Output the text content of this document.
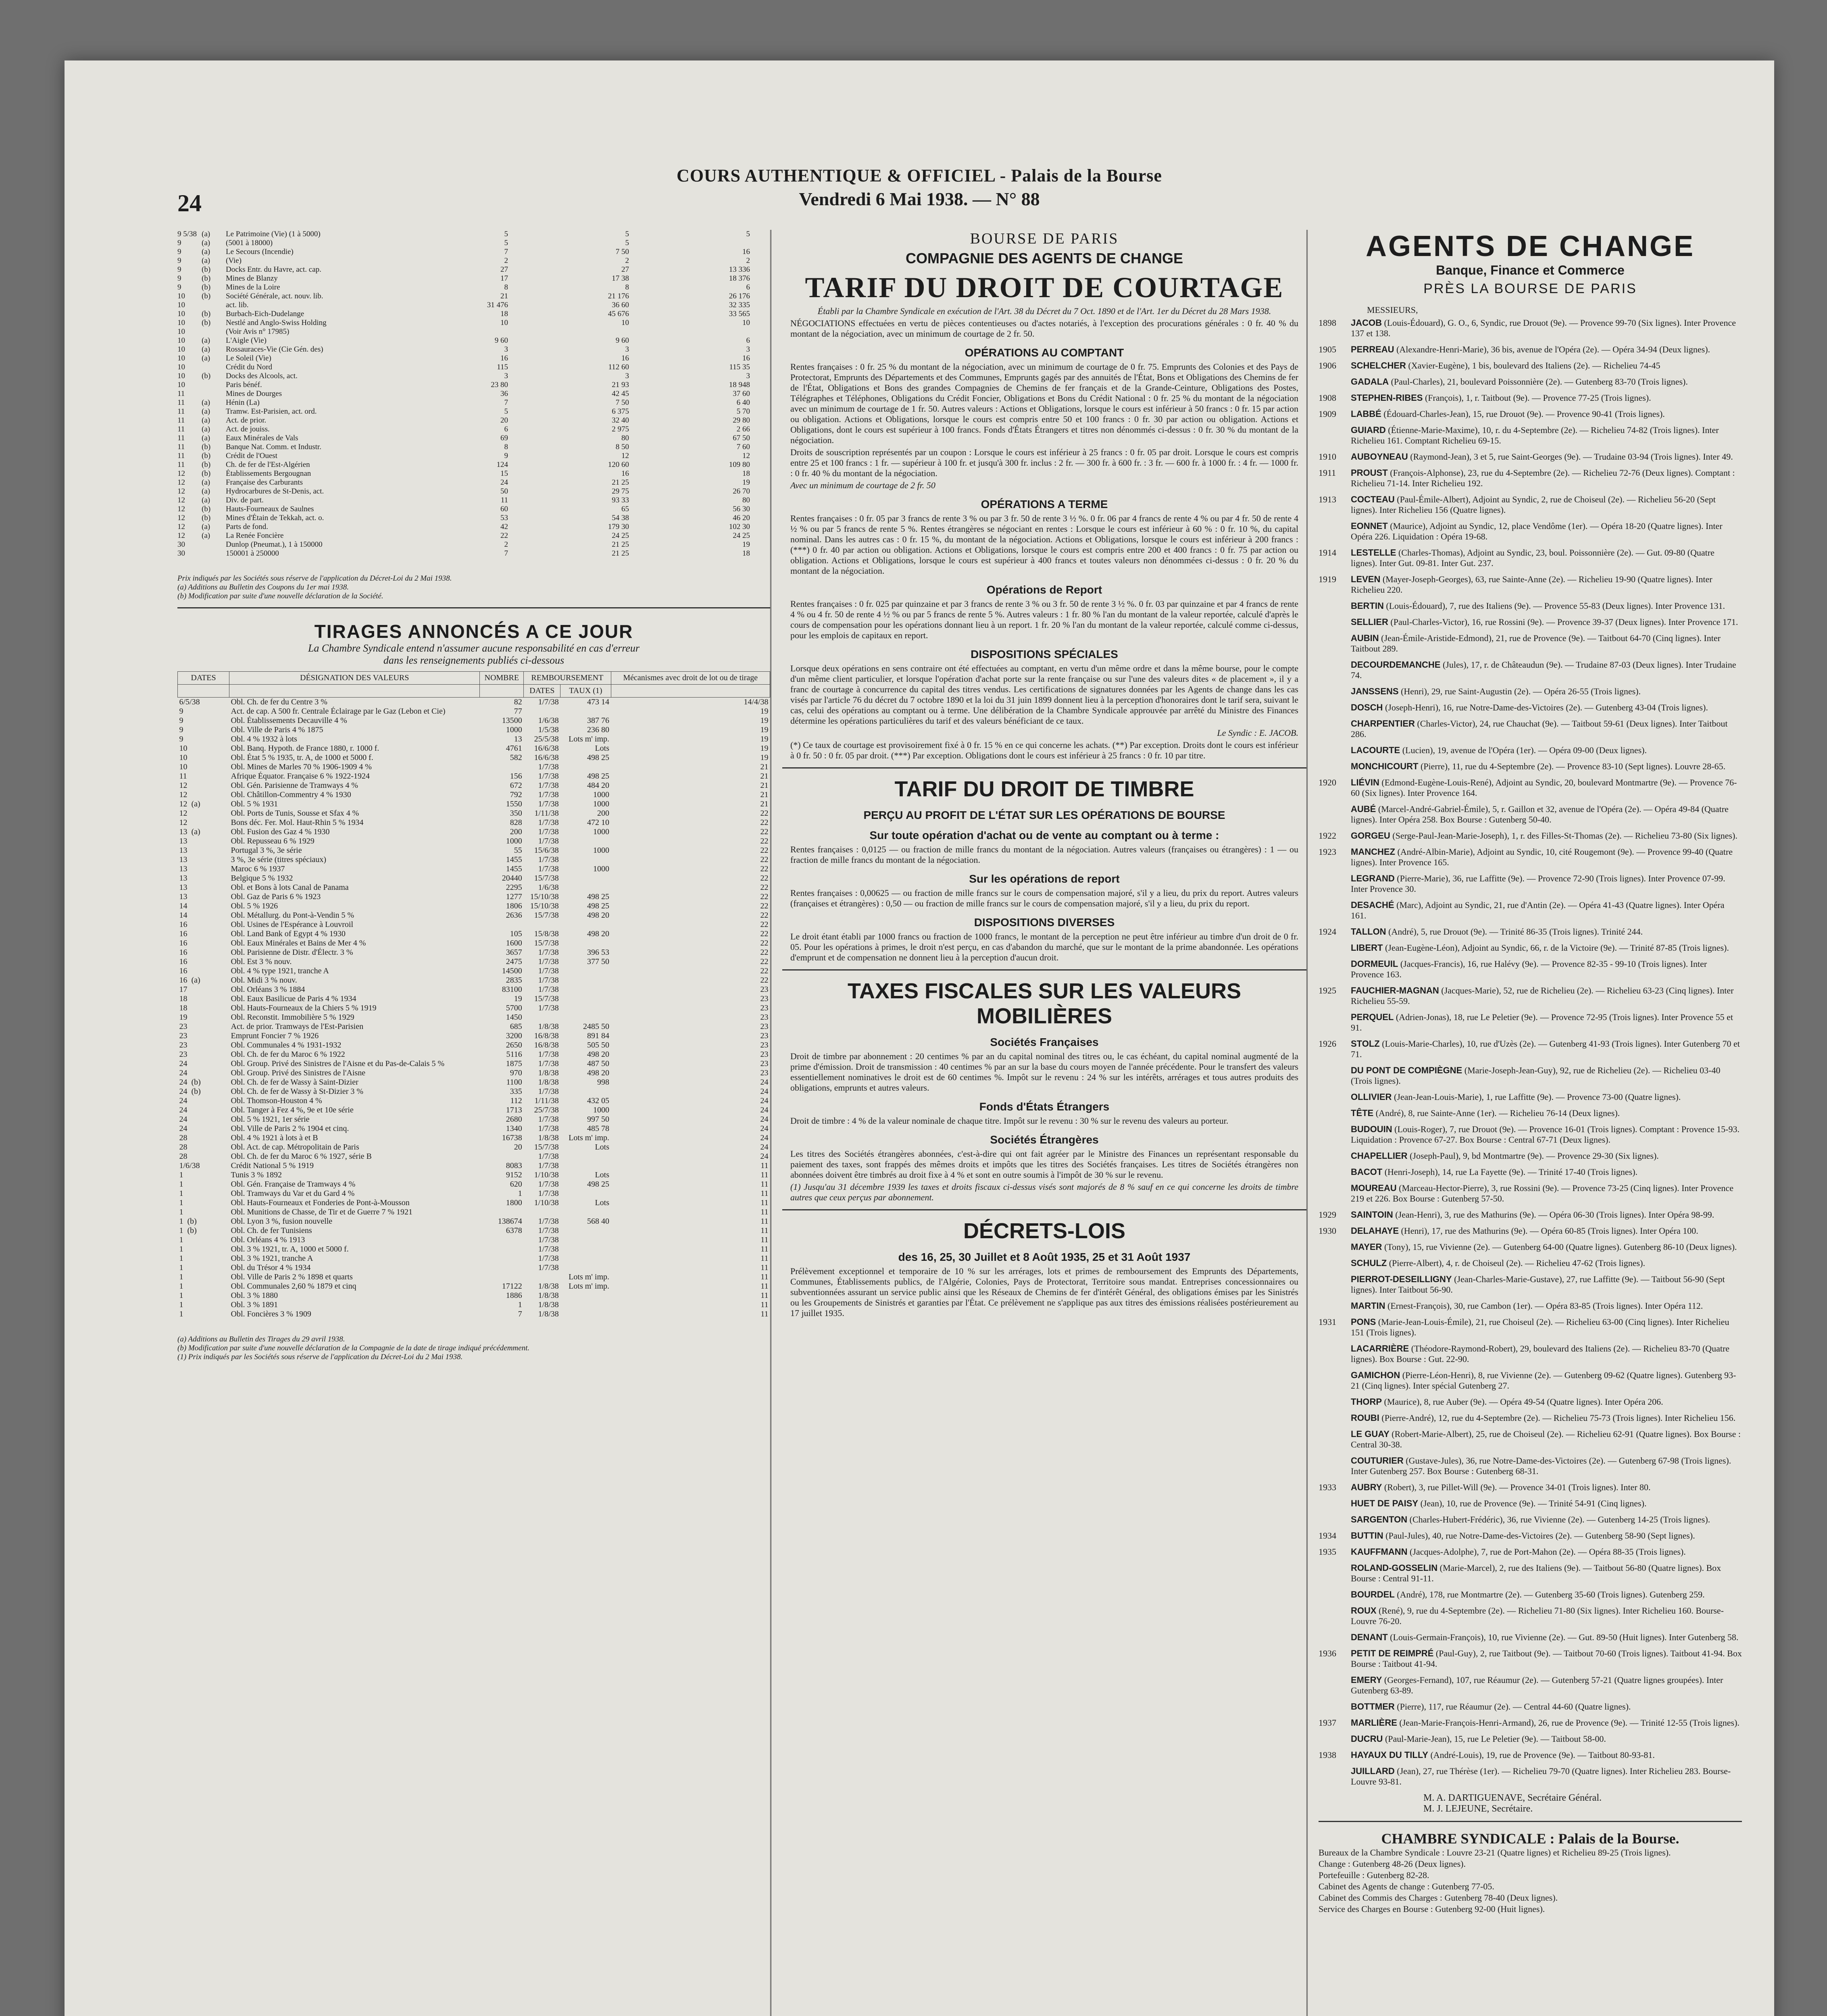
24
COURS AUTHENTIQUE & OFFICIEL - Palais de la Bourse
Vendredi 6 Mai 1938. — N° 88
9 5/38 (a)	Le Patrimoine (Vie) (1 à 5000)	5	5	5
9	(a)	(5001 à 18000)	5	5
9	(a)	Le Secours (Incendie)	7	7 50	16
9	(a)	(Vie)	2	2	2
9	(b)	Docks Entr. du Havre, act. cap.	27	27	13 336
9	(b)	Mines de Blanzy	17	17 38	18 376
9	(b)	Mines de la Loire	8	8	6
10	(b)	Société Générale, act. nouv. lib.	21	21 176	26 176
10	act. lib.	31 476	36 60	32 335
10	(b)	Burbach-Eich-Dudelange	18	45 676	33 565
10	(b)	Nestlé and Anglo-Swiss Holding	10	10	10
10	(Voir Avis n° 17985)
10	(a)	L'Aigle (Vie)	9 60	9 60	6
10	(a)	Rossauraces-Vie (Cie Gén. des)	3	3	3
10	(a)	Le Soleil (Vie)	16	16	16
10	Crédit du Nord	115	112 60	115 35
10	(b)	Docks des Alcools, act.	3	3	3
10	Paris bénéf.	23 80	21 93	18 948
11	Mines de Dourges	36	42 45	37 60
11	(a)	Hénin (La)	7	7 50	6 40
11	(a)	Tramw. Est-Parisien, act. ord.	5	6 375	5 70
11	(a)	Act. de prior.	20	32 40	29 80
11	(a)	Act. de jouiss.	6	2 975	2 66
11	(a)	Eaux Minérales de Vals	69	80	67 50
11	(b)	Banque Nat. Comm. et Industr.	8	8 50	7 60
11	(b)	Crédit de l'Ouest	9	12	12
11	(b)	Ch. de fer de l'Est-Algérien	124	120 60	109 80
12	(b)	Établissements Bergougnan	15	16	18
12	(a)	Française des Carburants	24	21 25	19
12	(a)	Hydrocarbures de St-Denis, act.	50	29 75	26 70
12	(a)	Div. de part.	11	93 33	80
12	(b)	Hauts-Fourneaux de Saulnes	60	65	56 30
12	(b)	Mines d'Étain de Tekkah, act. o.	53	54 38	46 20
12	(a)	Parts de fond.	42	179 30	102 30
12	(a)	La Renée Foncière	22	24 25	24 25
30	Dunlop (Pneumat.), 1 à 150000	2	21 25	19
30	150001 à 250000	7	21 25	18
Prix indiqués par les Sociétés sous réserve de l'application du Décret-Loi du 2 Mai 1938.
(a) Additions au Bulletin des Coupons du 1er mai 1938.
(b) Modification par suite d'une nouvelle déclaration de la Société.
TIRAGES ANNONCÉS A CE JOUR
La Chambre Syndicale entend n'assumer aucune responsabilité en cas d'erreur
dans les renseignements publiés ci-dessous
DATES	DÉSIGNATION DES VALEURS	NOMBRE	REMBOURSEMENT		Mécanismes avec droit de lot ou de tirage
			DATES	TAUX (1)	
6/5/38	Obl. Ch. de fer du Centre 3 %	82	1/7/38	473 14	14/4/38
9	Act. de cap. A 500 fr. Centrale Éclairage par le Gaz (Lebon et Cie)	77			19
9	Obl. Établissements Decauville 4 %	13500	1/6/38	387 76	19
9	Obl. Ville de Paris 4 % 1875	1000	1/5/38	236 80	19
9	Obl. 4 % 1932 à lots	13	25/5/38	Lots m' imp.	19
10	Obl. Banq. Hypoth. de France 1880, r. 1000 f.	4761	16/6/38	Lots	19
10	Obl. État 5 % 1935, tr. A, de 1000 et 5000 f.	582	16/6/38	498 25	19
10	Obl. Mines de Marles 70 % 1906-1909 4 %		1/7/38		21
11	Afrique Équator. Française 6 % 1922-1924	156	1/7/38	498 25	21
12	Obl. Gén. Parisienne de Tramways 4 %	672	1/7/38	484 20	21
12	Obl. Châtillon-Commentry 4 % 1930	792	1/7/38	1000	21
12 (a)	Obl. 5 % 1931	1550	1/7/38	1000	21
12	Obl. Ports de Tunis, Sousse et Sfax 4 %	350	1/11/38	200	22
12	Bons déc. Fer. Mol. Haut-Rhin 5 % 1934	828	1/7/38	472 10	22
13 (a)	Obl. Fusion des Gaz 4 % 1930	200	1/7/38	1000	22
13	Obl. Repusseau 6 % 1929	1000	1/7/38		22
13	Portugal 3 %, 3e série	55	15/6/38	1000	22
13	3 %, 3e série (titres spéciaux)	1455	1/7/38		22
13	Maroc 6 % 1937	1455	1/7/38	1000	22
13	Belgique 5 % 1932	20440	15/7/38		22
13	Obl. et Bons à lots Canal de Panama	2295	1/6/38		22
13	Obl. Gaz de Paris 6 % 1923	1277	15/10/38	498 25	22
14	Obl. 5 % 1926	1806	15/10/38	498 25	22
14	Obl. Métallurg. du Pont-à-Vendin 5 %	2636	15/7/38	498 20	22
16	Obl. Usines de l'Espérance à Louvroil				22
16	Obl. Land Bank of Egypt 4 % 1930	105	15/8/38	498 20	22
16	Obl. Eaux Minérales et Bains de Mer 4 %	1600	15/7/38		22
16	Obl. Parisienne de Distr. d'Électr. 3 %	3657	1/7/38	396 53	22
16	Obl. Est 3 % nouv.	2475	1/7/38	377 50	22
16	Obl. 4 % type 1921, tranche A	14500	1/7/38		22
16 (a)	Obl. Midi 3 % nouv.	2835	1/7/38		22
17	Obl. Orléans 3 % 1884	83100	1/7/38		23
18	Obl. Eaux Basilicue de Paris 4 % 1934	19	15/7/38		23
18	Obl. Hauts-Fourneaux de la Chiers 5 % 1919	5700	1/7/38		23
19	Obl. Reconstit. Immobilière 5 % 1929	1450			23
23	Act. de prior. Tramways de l'Est-Parisien	685	1/8/38	2485 50	23
23	Emprunt Foncier 7 % 1926	3200	16/8/38	891 84	23
23	Obl. Communales 4 % 1931-1932	2650	16/8/38	505 50	23
23	Obl. Ch. de fer du Maroc 6 % 1922	5116	1/7/38	498 20	23
24	Obl. Group. Privé des Sinistres de l'Aisne et du Pas-de-Calais 5 %	1875	1/7/38	487 50	23
24	Obl. Group. Privé des Sinistres de l'Aisne	970	1/8/38	498 20	23
24 (b)	Obl. Ch. de fer de Wassy à Saint-Dizier	1100	1/8/38	998	24
24 (b)	Obl. Ch. de fer de Wassy à St-Dizier 3 %	335	1/7/38		24
24	Obl. Thomson-Houston 4 %	112	1/11/38	432 05	24
24	Obl. Tanger à Fez 4 %, 9e et 10e série	1713	25/7/38	1000	24
24	Obl. 5 % 1921, 1er série	2680	1/7/38	997 50	24
24	Obl. Ville de Paris 2 % 1904 et cinq.	1340	1/7/38	485 78	24
28	Obl. 4 % 1921 à lots à et B	16738	1/8/38	Lots m' imp.	24
28	Obl. Act. de cap. Métropolitain de Paris	20	15/7/38	Lots	24
28	Obl. Ch. de fer du Maroc 6 % 1927, série B		1/7/38		24
1/6/38	Crédit National 5 % 1919	8083	1/7/38		11
1	Tunis 3 % 1892	9152	1/10/38	Lots	11
1	Obl. Gén. Française de Tramways 4 %	620	1/7/38	498 25	11
1	Obl. Tramways du Var et du Gard 4 %	1	1/7/38		11
1	Obl. Hauts-Fourneaux et Fonderies de Pont-à-Mousson	1800	1/10/38	Lots	11
1	Obl. Munitions de Chasse, de Tir et de Guerre 7 % 1921				11
1 (b)	Obl. Lyon 3 %, fusion nouvelle	138674	1/7/38	568 40	11
1 (b)	Obl. Ch. de fer Tunisiens	6378	1/7/38		11
1	Obl. Orléans 4 % 1913		1/7/38		11
1	Obl. 3 % 1921, tr. A, 1000 et 5000 f.		1/7/38		11
1	Obl. 3 % 1921, tranche A		1/7/38		11
1	Obl. du Trésor 4 % 1934		1/7/38		11
1	Obl. Ville de Paris 2 % 1898 et quarts			Lots m' imp.	11
1	Obl. Communales 2,60 % 1879 et cinq	17122	1/8/38	Lots m' imp.	11
1	Obl. 3 % 1880	1886	1/8/38		11
1	Obl. 3 % 1891	1	1/8/38		11
1	Obl. Foncières 3 % 1909	7	1/8/38		11
(a) Additions au Bulletin des Tirages du 29 avril 1938.
(b) Modification par suite d'une nouvelle déclaration de la Compagnie de la date de tirage indiqué précédemment.
(1) Prix indiqués par les Sociétés sous réserve de l'application du Décret-Loi du 2 Mai 1938.
BOURSE DE PARIS
COMPAGNIE DES AGENTS DE CHANGE
TARIF DU DROIT DE COURTAGE
Établi par la Chambre Syndicale en exécution de l'Art. 38 du Décret du 7 Oct. 1890 et de l'Art. 1er du Décret du 28 Mars 1938.
NÉGOCIATIONS effectuées en vertu de pièces contentieuses ou d'actes notariés, à l'exception des procurations générales : 0 fr. 40 % du montant de la négociation, avec un minimum de courtage de 2 fr. 50.
OPÉRATIONS AU COMPTANT
Rentes françaises : 0 fr. 25 % du montant de la négociation, avec un minimum de courtage de 0 fr. 75. Emprunts des Colonies et des Pays de Protectorat, Emprunts des Départements et des Communes, Emprunts gagés par des annuités de l'État, Bons et Obligations des Chemins de fer de l'État, Obligations et Bons des grandes Compagnies de Chemins de fer français et de la Grande-Ceinture, Obligations des Postes, Télégraphes et Téléphones, Obligations du Crédit Foncier, Obligations et Bons du Crédit National : 0 fr. 25 % du montant de la négociation avec un minimum de courtage de 1 fr. 50. Autres valeurs : Actions et Obligations, lorsque le cours est inférieur à 50 francs : 0 fr. 15 par action ou obligation. Actions et Obligations, lorsque le cours est compris entre 50 et 100 francs : 0 fr. 30 par action ou obligation. Actions et Obligations, dont le cours est supérieur à 100 francs. Fonds d'États Étrangers et titres non dénommés ci-dessus : 0 fr. 30 % du montant de la négociation.
Droits de souscription représentés par un coupon : Lorsque le cours est inférieur à 25 francs : 0 fr. 05 par droit. Lorsque le cours est compris entre 25 et 100 francs : 1 fr. — supérieur à 100 fr. et jusqu'à 300 fr. inclus : 2 fr. — 300 fr. à 600 fr. : 3 fr. — 600 fr. à 1000 fr. : 4 fr. — 1000 fr. : 0 fr. 40 % du montant de la négociation.
Avec un minimum de courtage de 2 fr. 50
OPÉRATIONS A TERME
Rentes françaises : 0 fr. 05 par 3 francs de rente 3 % ou par 3 fr. 50 de rente 3 ½ %. 0 fr. 06 par 4 francs de rente 4 % ou par 4 fr. 50 de rente 4 ½ % ou par 5 francs de rente 5 %. Rentes étrangères se négociant en rentes : Lorsque le cours est inférieur à 60 % : 0 fr. 10 %, du capital nominal. Dans les autres cas : 0 fr. 15 %, du montant de la négociation. Actions et Obligations, lorsque le cours est inférieur à 200 francs : (***) 0 fr. 40 par action ou obligation. Actions et Obligations, lorsque le cours est compris entre 200 et 400 francs : 0 fr. 75 par action ou obligation. Actions et Obligations, lorsque le cours est supérieur à 400 francs et toutes valeurs non dénommées ci-dessus : 0 fr. 20 % du montant de la négociation.
Opérations de Report
Rentes françaises : 0 fr. 025 par quinzaine et par 3 francs de rente 3 % ou 3 fr. 50 de rente 3 ½ %. 0 fr. 03 par quinzaine et par 4 francs de rente 4 % ou 4 fr. 50 de rente 4 ½ % ou par 5 francs de rente 5 %. Autres valeurs : 1 fr. 80 % l'an du montant de la valeur reportée, calculé d'après le cours de compensation pour les opérations donnant lieu à un report. 1 fr. 20 % l'an du montant de la valeur reportée, calculé comme ci-dessus, pour les emplois de capitaux en report.
DISPOSITIONS SPÉCIALES
Lorsque deux opérations en sens contraire ont été effectuées au comptant, en vertu d'un même ordre et dans la même bourse, pour le compte d'un même client particulier, et lorsque l'opération d'achat porte sur la rente française ou sur l'une des valeurs dites « de placement », il y a franc de courtage à concurrence du capital des titres vendus. Les certifications de signatures données par les Agents de change dans les cas visés par l'article 76 du décret du 7 octobre 1890 et la loi du 31 juin 1899 donnent lieu à la perception d'honoraires dont le tarif sera, suivant le cas, celui des opérations au comptant ou à terme. Une délibération de la Chambre Syndicale approuvée par arrêté du Ministre des Finances détermine les opérations particulières du tarif et des valeurs bénéficiant de ce taux.
Le Syndic : E. JACOB.
(*) Ce taux de courtage est provisoirement fixé à 0 fr. 15 % en ce qui concerne les achats. (**) Par exception. Droits dont le cours est inférieur à 0 fr. 50 : 0 fr. 05 par droit. (***) Par exception. Obligations dont le cours est inférieur à 25 francs : 0 fr. 10 par titre.
TARIF DU DROIT DE TIMBRE
PERÇU AU PROFIT DE L'ÉTAT SUR LES OPÉRATIONS DE BOURSE
Sur toute opération d'achat ou de vente au comptant ou à terme :
Rentes françaises : 0,0125 — ou fraction de mille francs du montant de la négociation. Autres valeurs (françaises ou étrangères) : 1 — ou fraction de mille francs du montant de la négociation.
Sur les opérations de report
Rentes françaises : 0,00625 — ou fraction de mille francs sur le cours de compensation majoré, s'il y a lieu, du prix du report. Autres valeurs (françaises et étrangères) : 0,50 — ou fraction de mille francs sur le cours de compensation majoré, s'il y a lieu, du prix du report.
DISPOSITIONS DIVERSES
Le droit étant établi par 1000 francs ou fraction de 1000 francs, le montant de la perception ne peut être inférieur au timbre d'un droit de 0 fr. 05. Pour les opérations à primes, le droit n'est perçu, en cas d'abandon du marché, que sur le montant de la prime abandonnée. Les opérations d'emprunt et de compensation ne donnent lieu à la perception d'aucun droit.
TAXES FISCALES SUR LES VALEURS MOBILIÈRES
Sociétés Françaises
Droit de timbre par abonnement : 20 centimes % par an du capital nominal des titres ou, le cas échéant, du capital nominal augmenté de la prime d'émission. Droit de transmission : 40 centimes % par an sur la base du cours moyen de l'année précédente. Pour le transfert des valeurs essentiellement nominatives le droit est de 60 centimes %. Impôt sur le revenu : 24 % sur les intérêts, arrérages et tous autres produits des obligations, emprunts et autres valeurs.
Fonds d'États Étrangers
Droit de timbre : 4 % de la valeur nominale de chaque titre. Impôt sur le revenu : 30 % sur le revenu des valeurs au porteur.
Sociétés Étrangères
Les titres des Sociétés étrangères abonnées, c'est-à-dire qui ont fait agréer par le Ministre des Finances un représentant responsable du paiement des taxes, sont frappés des mêmes droits et impôts que les titres des Sociétés françaises. Les titres de Sociétés étrangères non abonnées doivent être timbrés au droit fixe à 4 % et sont en outre soumis à l'impôt de 30 % sur le revenu.
(1) Jusqu'au 31 décembre 1939 les taxes et droits fiscaux ci-dessus visés sont majorés de 8 % sauf en ce qui concerne les droits de timbre autres que ceux perçus par abonnement.
DÉCRETS-LOIS
des 16, 25, 30 Juillet et 8 Août 1935, 25 et 31 Août 1937
Prélèvement exceptionnel et temporaire de 10 % sur les arrérages, lots et primes de remboursement des Emprunts des Départements, Communes, Établissements publics, de l'Algérie, Colonies, Pays de Protectorat, Territoire sous mandat. Entreprises concessionnaires ou subventionnées assurant un service public ainsi que les Réseaux de Chemins de fer d'intérêt Général, des obligations émises par les Sinistrés ou les Groupements de Sinistrés et garanties par l'État. Ce prélèvement ne s'applique pas aux titres des émissions réalisées postérieurement au 17 juillet 1935.
AGENTS DE CHANGE
Banque, Finance et Commerce
PRÈS LA BOURSE DE PARIS
MESSIEURS,
1898	JACOB (Louis-Édouard), G. O., 6, Syndic, rue Drouot (9e). — Provence 99-70 (Six lignes). Inter Provence 137 et 138.
1905	PERREAU (Alexandre-Henri-Marie), 36 bis, avenue de l'Opéra (2e). — Opéra 34-94 (Deux lignes).
1906	SCHELCHER (Xavier-Eugène), 1 bis, boulevard des Italiens (2e). — Richelieu 74-45
GADALA (Paul-Charles), 21, boulevard Poissonnière (2e). — Gutenberg 83-70 (Trois lignes).
1908	STEPHEN-RIBES (François), 1, r. Taitbout (9e). — Provence 77-25 (Trois lignes).
1909	LABBÉ (Édouard-Charles-Jean), 15, rue Drouot (9e). — Provence 90-41 (Trois lignes).
GUIARD (Étienne-Marie-Maxime), 10, r. du 4-Septembre (2e). — Richelieu 74-82 (Trois lignes). Inter Richelieu 161. Comptant Richelieu 69-15.
1910	AUBOYNEAU (Raymond-Jean), 3 et 5, rue Saint-Georges (9e). — Trudaine 03-94 (Trois lignes). Inter 49.
1911	PROUST (François-Alphonse), 23, rue du 4-Septembre (2e). — Richelieu 72-76 (Deux lignes). Comptant : Richelieu 71-14. Inter Richelieu 192.
1913	COCTEAU (Paul-Émile-Albert), Adjoint au Syndic, 2, rue de Choiseul (2e). — Richelieu 56-20 (Sept lignes). Inter Richelieu 156 (Quatre lignes).
EONNET (Maurice), Adjoint au Syndic, 12, place Vendôme (1er). — Opéra 18-20 (Quatre lignes). Inter Opéra 226. Liquidation : Opéra 19-68.
1914	LESTELLE (Charles-Thomas), Adjoint au Syndic, 23, boul. Poissonnière (2e). — Gut. 09-80 (Quatre lignes). Inter Gut. 09-81. Inter Gut. 237.
1919	LEVEN (Mayer-Joseph-Georges), 63, rue Sainte-Anne (2e). — Richelieu 19-90 (Quatre lignes). Inter Richelieu 220.
BERTIN (Louis-Édouard), 7, rue des Italiens (9e). — Provence 55-83 (Deux lignes). Inter Provence 131.
SELLIER (Paul-Charles-Victor), 16, rue Rossini (9e). — Provence 39-37 (Deux lignes). Inter Provence 171.
AUBIN (Jean-Émile-Aristide-Edmond), 21, rue de Provence (9e). — Taitbout 64-70 (Cinq lignes). Inter Taitbout 289.
DECOURDEMANCHE (Jules), 17, r. de Châteaudun (9e). — Trudaine 87-03 (Deux lignes). Inter Trudaine 74.
JANSSENS (Henri), 29, rue Saint-Augustin (2e). — Opéra 26-55 (Trois lignes).
DOSCH (Joseph-Henri), 16, rue Notre-Dame-des-Victoires (2e). — Gutenberg 43-04 (Trois lignes).
CHARPENTIER (Charles-Victor), 24, rue Chauchat (9e). — Taitbout 59-61 (Deux lignes). Inter Taitbout 286.
LACOURTE (Lucien), 19, avenue de l'Opéra (1er). — Opéra 09-00 (Deux lignes).
MONCHICOURT (Pierre), 11, rue du 4-Septembre (2e). — Provence 83-10 (Sept lignes). Louvre 28-65.
1920	LIÉVIN (Edmond-Eugène-Louis-René), Adjoint au Syndic, 20, boulevard Montmartre (9e). — Provence 76-60 (Six lignes). Inter Provence 164.
AUBÉ (Marcel-André-Gabriel-Émile), 5, r. Gaillon et 32, avenue de l'Opéra (2e). — Opéra 49-84 (Quatre lignes). Inter Opéra 258. Box Bourse : Gutenberg 50-40.
1922	GORGEU (Serge-Paul-Jean-Marie-Joseph), 1, r. des Filles-St-Thomas (2e). — Richelieu 73-80 (Six lignes).
1923	MANCHEZ (André-Albin-Marie), Adjoint au Syndic, 10, cité Rougemont (9e). — Provence 99-40 (Quatre lignes). Inter Provence 165.
LEGRAND (Pierre-Marie), 36, rue Laffitte (9e). — Provence 72-90 (Trois lignes). Inter Provence 07-99. Inter Provence 30.
DESACHÉ (Marc), Adjoint au Syndic, 21, rue d'Antin (2e). — Opéra 41-43 (Quatre lignes). Inter Opéra 161.
1924	TALLON (André), 5, rue Drouot (9e). — Trinité 86-35 (Trois lignes). Trinité 244.
LIBERT (Jean-Eugène-Léon), Adjoint au Syndic, 66, r. de la Victoire (9e). — Trinité 87-85 (Trois lignes).
DORMEUIL (Jacques-Francis), 16, rue Halévy (9e). — Provence 82-35 - 99-10 (Trois lignes). Inter Provence 163.
1925	FAUCHIER-MAGNAN (Jacques-Marie), 52, rue de Richelieu (2e). — Richelieu 63-23 (Cinq lignes). Inter Richelieu 55-59.
PERQUEL (Adrien-Jonas), 18, rue Le Peletier (9e). — Provence 72-95 (Trois lignes). Inter Provence 55 et 91.
1926	STOLZ (Louis-Marie-Charles), 10, rue d'Uzès (2e). — Gutenberg 41-93 (Trois lignes). Inter Gutenberg 70 et 71.
DU PONT DE COMPIÈGNE (Marie-Joseph-Jean-Guy), 92, rue de Richelieu (2e). — Richelieu 03-40 (Trois lignes).
OLLIVIER (Jean-Jean-Louis-Marie), 1, rue Laffitte (9e). — Provence 73-00 (Quatre lignes).
TÊTE (André), 8, rue Sainte-Anne (1er). — Richelieu 76-14 (Deux lignes).
BUDOUIN (Louis-Roger), 7, rue Drouot (9e). — Provence 16-01 (Trois lignes). Comptant : Provence 15-93. Liquidation : Provence 67-27. Box Bourse : Central 67-71 (Deux lignes).
CHAPELLIER (Joseph-Paul), 9, bd Montmartre (9e). — Provence 29-30 (Six lignes).
BACOT (Henri-Joseph), 14, rue La Fayette (9e). — Trinité 17-40 (Trois lignes).
MOUREAU (Marceau-Hector-Pierre), 3, rue Rossini (9e). — Provence 73-25 (Cinq lignes). Inter Provence 219 et 226. Box Bourse : Gutenberg 57-50.
1929	SAINTOIN (Jean-Henri), 3, rue des Mathurins (9e). — Opéra 06-30 (Trois lignes). Inter Opéra 98-99.
1930	DELAHAYE (Henri), 17, rue des Mathurins (9e). — Opéra 60-85 (Trois lignes). Inter Opéra 100.
MAYER (Tony), 15, rue Vivienne (2e). — Gutenberg 64-00 (Quatre lignes). Gutenberg 86-10 (Deux lignes).
SCHULZ (Pierre-Albert), 4, r. de Choiseul (2e). — Richelieu 47-62 (Trois lignes).
PIERROT-DESEILLIGNY (Jean-Charles-Marie-Gustave), 27, rue Laffitte (9e). — Taitbout 56-90 (Sept lignes). Inter Taitbout 56-90.
MARTIN (Ernest-François), 30, rue Cambon (1er). — Opéra 83-85 (Trois lignes). Inter Opéra 112.
1931	PONS (Marie-Jean-Louis-Émile), 21, rue Choiseul (2e). — Richelieu 63-00 (Cinq lignes). Inter Richelieu 151 (Trois lignes).
LACARRIÈRE (Théodore-Raymond-Robert), 29, boulevard des Italiens (2e). — Richelieu 83-70 (Quatre lignes). Box Bourse : Gut. 22-90.
GAMICHON (Pierre-Léon-Henri), 8, rue Vivienne (2e). — Gutenberg 09-62 (Quatre lignes). Gutenberg 93-21 (Cinq lignes). Inter spécial Gutenberg 27.
THORP (Maurice), 8, rue Auber (9e). — Opéra 49-54 (Quatre lignes). Inter Opéra 206.
ROUBI (Pierre-André), 12, rue du 4-Septembre (2e). — Richelieu 75-73 (Trois lignes). Inter Richelieu 156.
LE GUAY (Robert-Marie-Albert), 25, rue de Choiseul (2e). — Richelieu 62-91 (Quatre lignes). Box Bourse : Central 30-38.
COUTURIER (Gustave-Jules), 36, rue Notre-Dame-des-Victoires (2e). — Gutenberg 67-98 (Trois lignes). Inter Gutenberg 257. Box Bourse : Gutenberg 68-31.
1933	AUBRY (Robert), 3, rue Pillet-Will (9e). — Provence 34-01 (Trois lignes). Inter 80.
HUET DE PAISY (Jean), 10, rue de Provence (9e). — Trinité 54-91 (Cinq lignes).
SARGENTON (Charles-Hubert-Frédéric), 36, rue Vivienne (2e). — Gutenberg 14-25 (Trois lignes).
1934	BUTTIN (Paul-Jules), 40, rue Notre-Dame-des-Victoires (2e). — Gutenberg 58-90 (Sept lignes).
1935	KAUFFMANN (Jacques-Adolphe), 7, rue de Port-Mahon (2e). — Opéra 88-35 (Trois lignes).
ROLAND-GOSSELIN (Marie-Marcel), 2, rue des Italiens (9e). — Taitbout 56-80 (Quatre lignes). Box Bourse : Central 91-11.
BOURDEL (André), 178, rue Montmartre (2e). — Gutenberg 35-60 (Trois lignes). Gutenberg 259.
ROUX (René), 9, rue du 4-Septembre (2e). — Richelieu 71-80 (Six lignes). Inter Richelieu 160. Bourse-Louvre 76-20.
DENANT (Louis-Germain-François), 10, rue Vivienne (2e). — Gut. 89-50 (Huit lignes). Inter Gutenberg 58.
1936	PETIT DE REIMPRÉ (Paul-Guy), 2, rue Taitbout (9e). — Taitbout 70-60 (Trois lignes). Taitbout 41-94. Box Bourse : Taitbout 41-94.
EMERY (Georges-Fernand), 107, rue Réaumur (2e). — Gutenberg 57-21 (Quatre lignes groupées). Inter Gutenberg 63-89.
BOTTMER (Pierre), 117, rue Réaumur (2e). — Central 44-60 (Quatre lignes).
1937	MARLIÈRE (Jean-Marie-François-Henri-Armand), 26, rue de Provence (9e). — Trinité 12-55 (Trois lignes).
DUCRU (Paul-Marie-Jean), 15, rue Le Peletier (9e). — Taitbout 58-00.
1938	HAYAUX DU TILLY (André-Louis), 19, rue de Provence (9e). — Taitbout 80-93-81.
JUILLARD (Jean), 27, rue Thérèse (1er). — Richelieu 79-70 (Quatre lignes). Inter Richelieu 283. Bourse-Louvre 93-81.
M. A. DARTIGUENAVE, Secrétaire Général.
M. J. LEJEUNE, Secrétaire.
CHAMBRE SYNDICALE : Palais de la Bourse.
Bureaux de la Chambre Syndicale : Louvre 23-21 (Quatre lignes) et Richelieu 89-25 (Trois lignes).
Change : Gutenberg 48-26 (Deux lignes).
Portefeuille : Gutenberg 82-28.
Cabinet des Agents de change : Gutenberg 77-05.
Cabinet des Commis des Charges : Gutenberg 78-40 (Deux lignes).
Service des Charges en Bourse : Gutenberg 92-00 (Huit lignes).
